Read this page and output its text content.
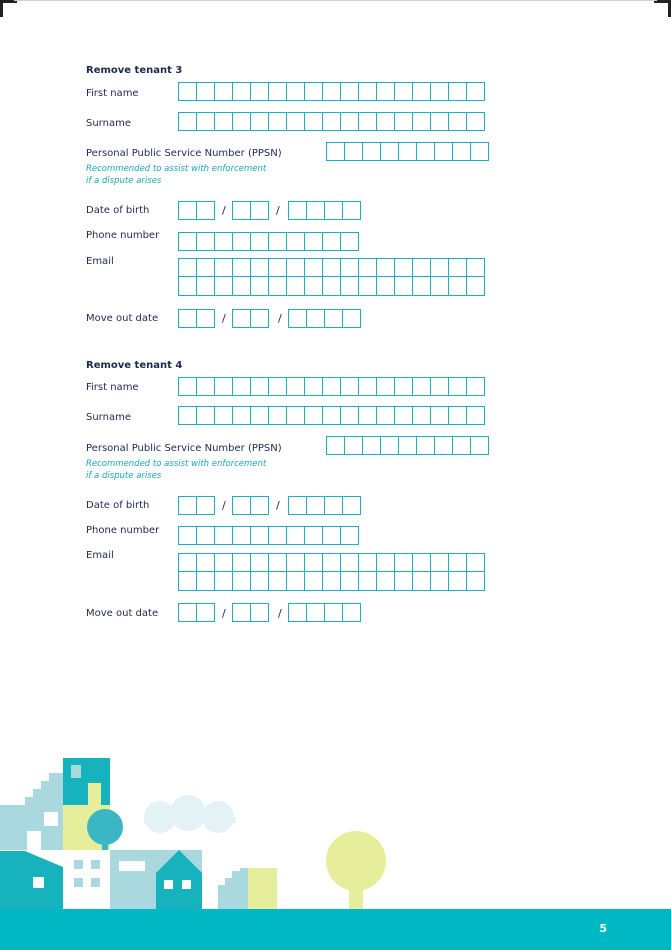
Remove tenant 3
First name
Surname
Personal Public Service Number (PPSN)
Recommended to assist with enforcement
if a dispute arises
Date of birth	/	/
Phone number
Email
Move out date	/	/
Remove tenant 4
First name
Surname
Personal Public Service Number (PPSN)
Recommended to assist with enforcement
if a dispute arises
Date of birth	/	/
Phone number
Email
Move out date	/	/
5
